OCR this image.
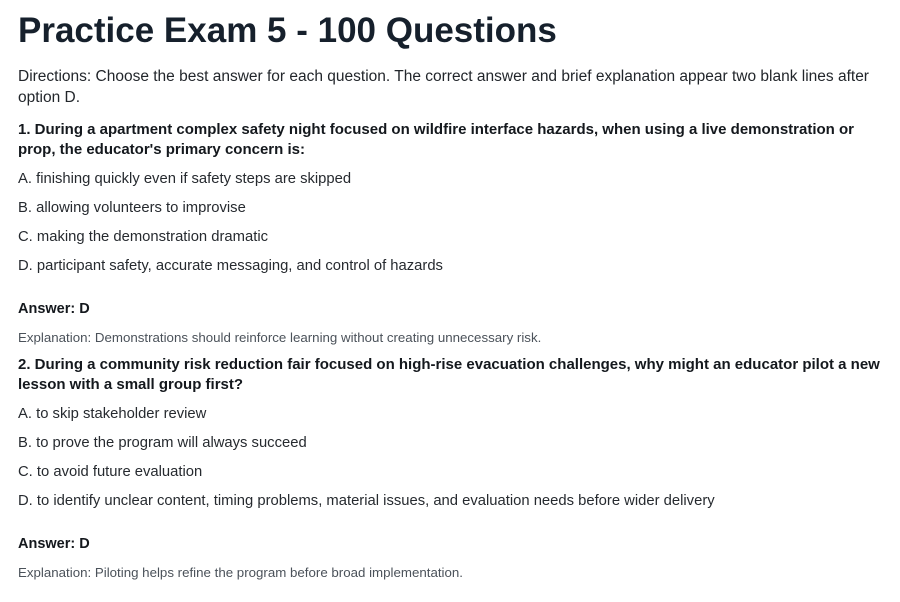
Practice Exam 5 - 100 Questions

Directions: Choose the best answer for each question. The correct answer and brief explanation appear two blank lines after option D.

1. During a apartment complex safety night focused on wildfire interface hazards, when using a live demonstration or prop, the educator's primary concern is:

A. finishing quickly even if safety steps are skipped
B. allowing volunteers to improvise
C. making the demonstration dramatic
D. participant safety, accurate messaging, and control of hazards

Answer: D

Explanation: Demonstrations should reinforce learning without creating unnecessary risk.

2. During a community risk reduction fair focused on high-rise evacuation challenges, why might an educator pilot a new lesson with a small group first?

A. to skip stakeholder review
B. to prove the program will always succeed
C. to avoid future evaluation
D. to identify unclear content, timing problems, material issues, and evaluation needs before wider delivery

Answer: D

Explanation: Piloting helps refine the program before broad implementation.
